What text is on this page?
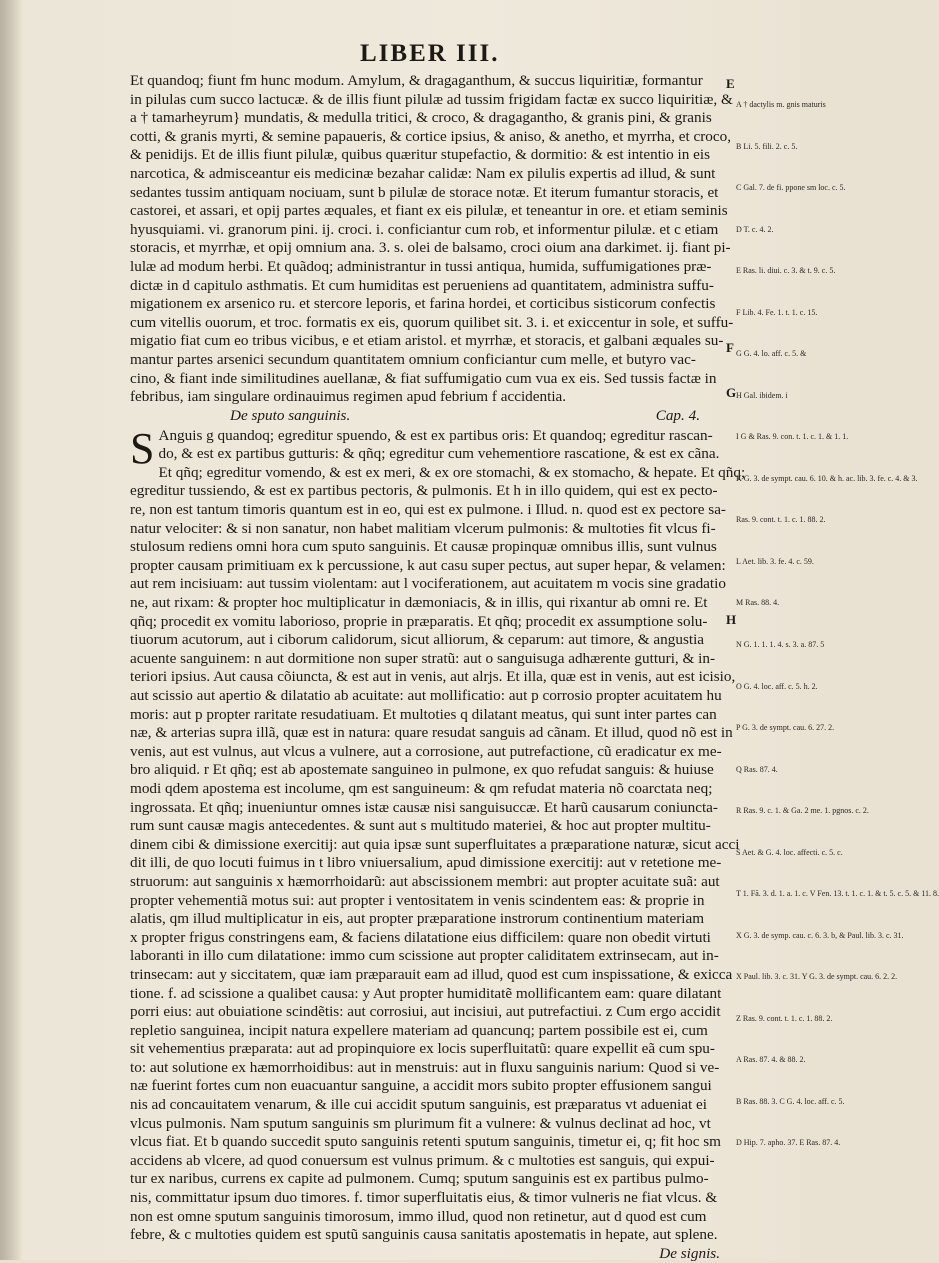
LIBER III.
Et quandoq; fiunt fm hunc modum. Amylum, & dragaganthum, & succus liquiritiæ, formantur
in pilulas cum succo lactucæ. & de illis fiunt pilulæ ad tussim frigidam factæ ex succo liquiritiæ, &
a † tamarheyrum} mundatis, & medulla tritici, & croco, & dragagantho, & granis pini, & granis
cotti, & granis myrti, & semine papaueris, & cortice ipsius, & aniso, & anetho, et myrrha, et croco,
& penidijs. Et de illis fiunt pilulæ, quibus quæritur stupefactio, & dormitio: & est intentio in eis
narcotica, & admisceantur eis medicinæ bezahar calidæ: Nam ex pilulis expertis ad illud, & sunt
sedantes tussim antiquam nociuam, sunt b pilulæ de storace notæ. Et iterum fumantur storacis, et
castorei, et assari, et opij partes æquales, et fiant ex eis pilulæ, et teneantur in ore. et etiam seminis
hyusquiami. vi. granorum pini. ij. croci. i. conficiantur cum rob, et informentur pilulæ. et c etiam
storacis, et myrrhæ, et opij omnium ana. 3. s. olei de balsamo, croci oium ana darkimet. ij. fiant pi-
lulæ ad modum herbi. Et quãdoq; administrantur in tussi antiqua, humida, suffumigationes præ-
dictæ in d capitulo asthmatis. Et cum humiditas est perueniens ad quantitatem, administra suffu-
migationem ex arsenico ru. et stercore leporis, et farina hordei, et corticibus sisticorum confectis
cum vitellis ouorum, et troc. formatis ex eis, quorum quilibet sit. 3. i. et exiccentur in sole, et suffu-
migatio fiat cum eo tribus vicibus, e et etiam aristol. et myrrhæ, et storacis, et galbani æquales su-
mantur partes arsenici secundum quantitatem omnium conficiantur cum melle, et butyro vac-
cino, & fiant inde similitudines auellanæ, & fiat suffumigatio cum vua ex eis. Sed tussis factæ in
febribus, iam singulare ordinauimus regimen apud febrium f accidentia.
De sputo sanguinis.	Cap. 4.
S Anguis g quandoq; egreditur spuendo, & est ex partibus oris: Et quandoq; egreditur rascan-
do, & est ex partibus gutturis: & qñq; egreditur cum vehementiore rascatione, & est ex cãna.
Et qñq; egreditur vomendo, & est ex meri, & ex ore stomachi, & ex stomacho, & hepate. Et qñq;
egreditur tussiendo, & est ex partibus pectoris, & pulmonis. Et h in illo quidem, qui est ex pecto-
re, non est tantum timoris quantum est in eo, qui est ex pulmone. i Illud. n. quod est ex pectore sa-
natur velociter: & si non sanatur, non habet malitiam vlcerum pulmonis: & multoties fit vlcus fi-
stulosum rediens omni hora cum sputo sanguinis. Et causæ propinquæ omnibus illis, sunt vulnus
propter causam primitiuam ex k percussione, k aut casu super pectus, aut super hepar, & velamen:
aut rem incisiuam: aut tussim violentam: aut l vociferationem, aut acuitatem m vocis sine gradatio
ne, aut rixam: & propter hoc multiplicatur in dæmoniacis, & in illis, qui rixantur ab omni re. Et
qñq; procedit ex vomitu laborioso, proprie in præparatis. Et qñq; procedit ex assumptione solu-
tiuorum acutorum, aut i ciborum calidorum, sicut alliorum, & ceparum: aut timore, & angustia
acuente sanguinem: n aut dormitione non super stratũ: aut o sanguisuga adhærente gutturi, & in-
teriori ipsius. Aut causa cõiuncta, & est aut in venis, aut alrjs. Et illa, quæ est in venis, aut est icisio,
aut scissio aut apertio & dilatatio ab acuitate: aut mollificatio: aut p corrosio propter acuitatem hu
moris: aut p propter raritate resudatiuam. Et multoties q dilatant meatus, qui sunt inter partes can
næ, & arterias supra illã, quæ est in natura: quare resudat sanguis ad cãnam. Et illud, quod nõ est in
venis, aut est vulnus, aut vlcus a vulnere, aut a corrosione, aut putrefactione, cũ eradicatur ex me-
bro aliquid. r Et qñq; est ab apostemate sanguineo in pulmone, ex quo refudat sanguis: & huiuse
modi qdem apostema est incolume, qm est sanguineum: & qm refudat materia nõ coarctata neq;
ingrossata. Et qñq; inueniuntur omnes istæ causæ nisi sanguisuccæ. Et harũ causarum coniuncta-
rum sunt causæ magis antecedentes. & sunt aut s multitudo materiei, & hoc aut propter multitu-
dinem cibi & dimissione exercitij: aut quia ipsæ sunt superfluitates a præparatione naturæ, sicut acci
dit illi, de quo locuti fuimus in t libro vniuersalium, apud dimissione exercitij: aut v retetione me-
struorum: aut sanguinis x hæmorrhoidarũ: aut abscissionem membri: aut propter acuitate suã: aut
propter vehementiã motus sui: aut propter i ventositatem in venis scindentem eas: & proprie in
alatis, qm illud multiplicatur in eis, aut propter præparatione instrorum continentium materiam
x propter frigus constringens eam, & faciens dilatatione eius difficilem: quare non obedit virtuti
laboranti in illo cum dilatatione: immo cum scissione aut propter caliditatem extrinsecam, aut in-
trinsecam: aut y siccitatem, quæ iam præparauit eam ad illud, quod est cum inspissatione, & exicca
tione. f. ad scissione a qualibet causa: y Aut propter humiditatẽ mollificantem eam: quare dilatant
porri eius: aut obuiatione scindẽtis: aut corrosiui, aut incisiui, aut putrefactiui. z Cum ergo accidit
repletio sanguinea, incipit natura expellere materiam ad quancunq; partem possibile est ei, cum
sit vehementius præparata: aut ad propinquiore ex locis superfluitatũ: quare expellit eã cum spu-
to: aut solutione ex hæmorrhoidibus: aut in menstruis: aut in fluxu sanguinis narium: Quod si ve-
næ fuerint fortes cum non euacuantur sanguine, a accidit mors subito propter effusionem sangui
nis ad concauitatem venarum, & ille cui accidit sputum sanguinis, est præparatus vt adueniat ei
vlcus pulmonis. Nam sputum sanguinis sm plurimum fit a vulnere: & vulnus declinat ad hoc, vt
vlcus fiat. Et b quando succedit sputo sanguinis retenti sputum sanguinis, timetur ei, q; fit hoc sm
accidens ab vlcere, ad quod conuersum est vulnus primum. & c multoties est sanguis, qui expui-
tur ex naribus, currens ex capite ad pulmonem. Cumq; sputum sanguinis est ex partibus pulmo-
nis, committatur ipsum duo timores. f. timor superfluitatis eius, & timor vulneris ne fiat vlcus. &
non est omne sputum sanguinis timorosum, immo illud, quod non retinetur, aut d quod est cum
febre, & c multoties quidem est sputũ sanguinis causa sanitatis apostematis in hepate, aut splene.
De signis.
A † dactylis m. gnis maturis
B Li. 5. fili. 2. c. 5.
C Gal. 7. de fi. ppone sm loc. c. 5.
D T. c. 4. 2.
E Ras. li. diui. c. 3. & t. 9. c. 5.
F Lib. 4. Fe. 1. t. 1. c. 15.
G G. 4. lo. aff. c. 5. &
H Gal. ibidem. i
I G & Ras. 9. con. t. 1. c. 1. & 1. 1.
K G. 3. de sympt. cau. 6. 10. & h. ac. lib. 3. fe. c. 4. & 3.
Ras. 9. cont. t. 1. c. 1. 88. 2.
L Aet. lib. 3. fe. 4. c. 59.
M Ras. 88. 4.
N G. 1. 1. 1. 4. s. 3. a. 87. 5
O G. 4. loc. aff. c. 5. h. 2.
P G. 3. de sympt. cau. 6. 27. 2.
Q Ras. 87. 4.
R Ras. 9. c. 1. & Ga. 2 me. 1. pgnos. c. 2.
S Aet. & G. 4. loc. affecti. c. 5. c.
T 1. Fã. 3. d. 1. a. 1. c. V Fen. 13. t. 1. c. 1. & t. 5. c. 5. & 11. 8.
X G. 3. de symp. cau. c. 6. 3. b, & Paul. lib. 3. c. 31.
X Paul. lib. 3. c. 31. Y G. 3. de sympt. cau. 6. 2. 2.
Z Ras. 9. cont. t. 1. c. 1. 88. 2.
A Ras. 87. 4. & 88. 2.
B Ras. 88. 3. C G. 4. loc. aff. c. 5.
D Hip. 7. apho. 37. E Ras. 87. 4.
E
F
G
H
